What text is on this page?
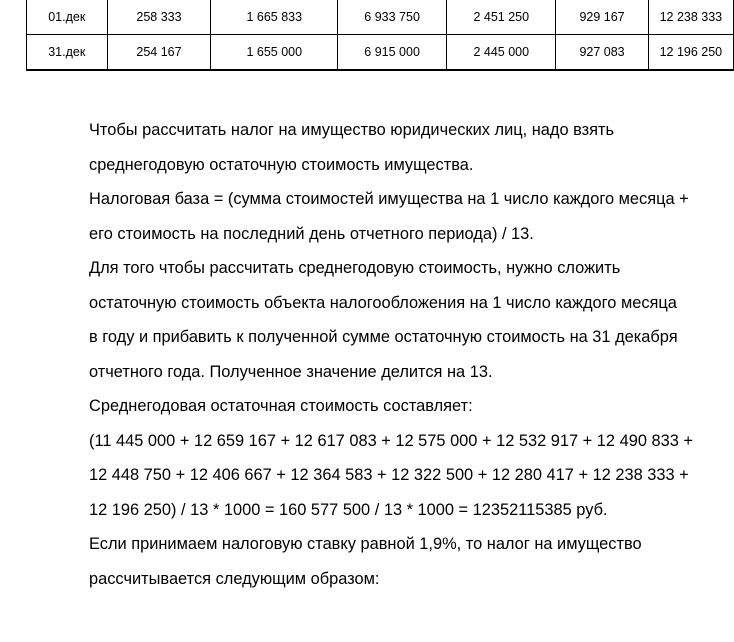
01.дек	258 333	1 665 833	6 933 750	2 451 250	929 167	12 238 333
31.дек	254 167	1 655 000	6 915 000	2 445 000	927 083	12 196 250

Чтобы рассчитать налог на имущество юридических лиц, надо взять
среднегодовую остаточную стоимость имущества.

Налоговая база = (сумма стоимостей имущества на 1 число каждого месяца +
его стоимость на последний день отчетного периода) / 13.

Для того чтобы рассчитать среднегодовую стоимость, нужно сложить
остаточную стоимость объекта налогообложения на 1 число каждого месяца
в году и прибавить к полученной сумме остаточную стоимость на 31 декабря
отчетного года. Полученное значение делится на 13.

Среднегодовая остаточная стоимость составляет:

(11 445 000 + 12 659 167 + 12 617 083 + 12 575 000 + 12 532 917 + 12 490 833 +
12 448 750 + 12 406 667 + 12 364 583 + 12 322 500 + 12 280 417 + 12 238 333 +
12 196 250) / 13 * 1000 = 160 577 500 / 13 * 1000 = 12352115385 руб.

Если принимаем налоговую ставку равной 1,9%, то налог на имущество
рассчитывается следующим образом:
